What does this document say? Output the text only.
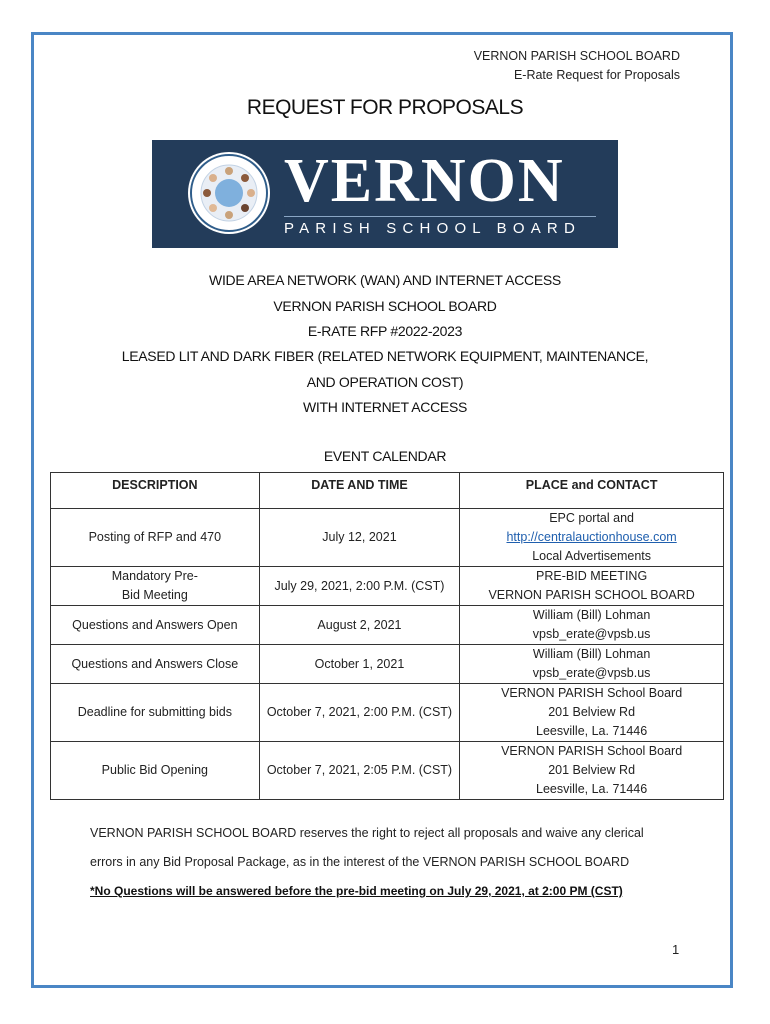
VERNON PARISH SCHOOL BOARD
E-Rate Request for Proposals
REQUEST FOR PROPOSALS
VERNON
PARISH SCHOOL BOARD
WIDE AREA NETWORK (WAN) AND INTERNET ACCESS
VERNON PARISH SCHOOL BOARD
E-RATE RFP #2022-2023
LEASED LIT AND DARK FIBER (RELATED NETWORK EQUIPMENT, MAINTENANCE,
AND OPERATION COST)
WITH INTERNET ACCESS
EVENT CALENDAR
DESCRIPTION	DATE AND TIME	PLACE and CONTACT
Posting of RFP and 470	July 12, 2021	EPC portal and
http://centralauctionhouse.com
Local Advertisements

Mandatory Pre-Bid Meeting	July 29, 2021, 2:00 P.M. (CST)	PRE-BID MEETING
VERNON PARISH SCHOOL BOARD

Questions and Answers Open	August 2, 2021	William (Bill) Lohman
vpsb_erate@vpsb.us

Questions and Answers Close	October 1, 2021	William (Bill) Lohman
vpsb_erate@vpsb.us

Deadline for submitting bids	October 7, 2021, 2:00 P.M. (CST)	VERNON PARISH School Board
201 Belview Rd
Leesville, La. 71446

Public Bid Opening	October 7, 2021, 2:05 P.M. (CST)	VERNON PARISH School Board
201 Belview Rd
Leesville, La. 71446
VERNON PARISH SCHOOL BOARD reserves the right to reject all proposals and waive any clerical
errors in any Bid Proposal Package, as in the interest of the VERNON PARISH SCHOOL BOARD
*No Questions will be answered before the pre-bid meeting on July 29, 2021, at 2:00 PM (CST)
1
